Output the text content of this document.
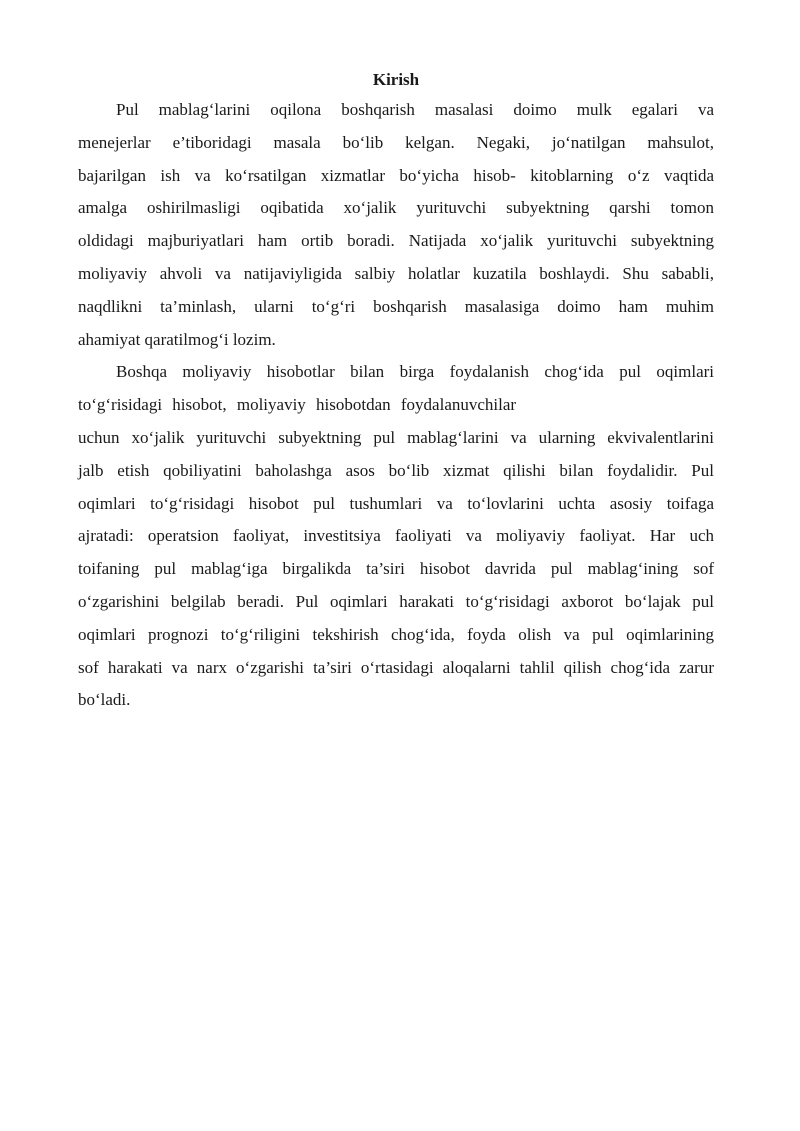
Kirish
Pul mablag‘larini oqilona boshqarish masalasi doimo mulk egalari va
menejerlar e’tiboridagi masala bo‘lib kelgan. Negaki, jo‘natilgan mahsulot,
bajarilgan ish va ko‘rsatilgan xizmatlar bo‘yicha hisob- kitoblarning o‘z vaqtida
amalga oshirilmasligi oqibatida xo‘jalik yurituvchi subyektning qarshi tomon
oldidagi majburiyatlari ham ortib boradi. Natijada xo‘jalik yurituvchi subyektning
moliyaviy ahvoli va natijaviyligida salbiy holatlar kuzatila boshlaydi. Shu sababli,
naqdlikni ta’minlash, ularni to‘g‘ri boshqarish masalasiga doimo ham muhim
ahamiyat qaratilmog‘i lozim.
Boshqa moliyaviy hisobotlar bilan birga foydalanish chog‘ida pul oqimlari
to‘g‘risidagi hisobot, moliyaviy hisobotdan foydalanuvchilar
uchun xo‘jalik yurituvchi subyektning pul mablag‘larini va ularning ekvivalentlarini
jalb etish qobiliyatini baholashga asos bo‘lib xizmat qilishi bilan foydalidir. Pul
oqimlari to‘g‘risidagi hisobot pul tushumlari va to‘lovlarini uchta asosiy toifaga
ajratadi: operatsion faoliyat, investitsiya faoliyati va moliyaviy faoliyat. Har uch
toifaning pul mablag‘iga birgalikda ta’siri hisobot davrida pul mablag‘ining sof
o‘zgarishini belgilab beradi. Pul oqimlari harakati to‘g‘risidagi axborot bo‘lajak pul
oqimlari prognozi to‘g‘riligini tekshirish chog‘ida, foyda olish va pul oqimlarining
sof harakati va narx o‘zgarishi ta’siri o‘rtasidagi aloqalarni tahlil qilish chog‘ida zarur
bo‘ladi.
